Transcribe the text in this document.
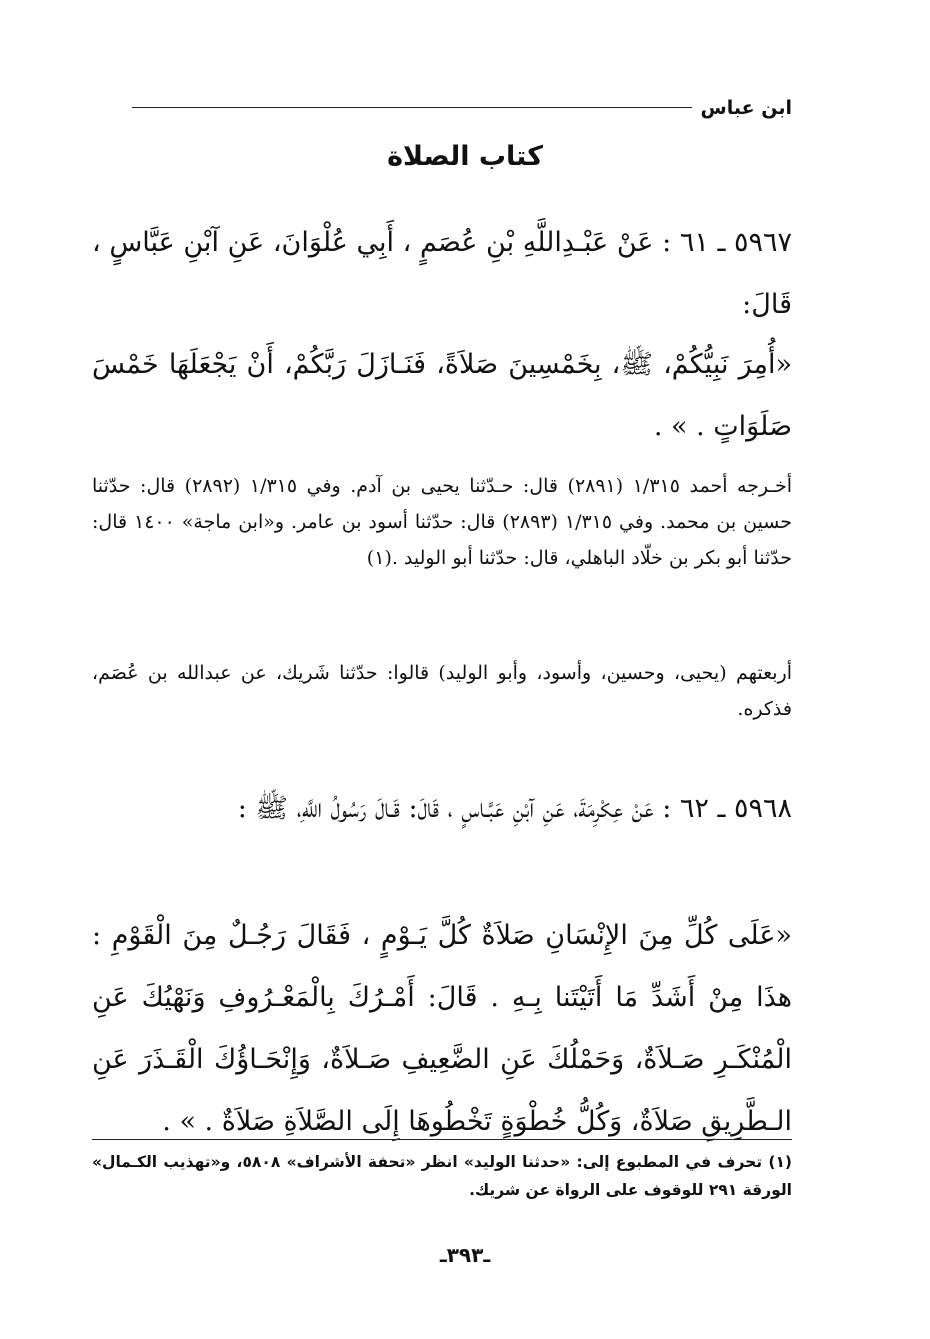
ابن عباس
كتاب الصلاة
٥٩٦٧ ـ ٦١ : عَنْ عَبْـدِاللَّهِ بْنِ عُصَمٍ ، أَبِي عُلْوَانَ، عَنِ آبْنِ عَبَّاسٍ ، قَالَ:
«أُمِرَ نَبِيُّكُمْ، ﷺ، بِخَمْسِينَ صَلاَةً، فَنَـازَلَ رَبَّكُمْ، أَنْ يَجْعَلَهَا خَمْسَ صَلَوَاتٍ . » .
أخـرجه أحمد ١/٣١٥ (٢٨٩١) قال: حـدّثنا يحيى بن آدم. وفي ١/٣١٥ (٢٨٩٢) قال: حدّثنا حسين بن محمد. وفي ١/٣١٥ (٢٨٩٣) قال: حدّثنا أسود بن عامر. و«ابن ماجة» ١٤٠٠ قال: حدّثنا أبو بكر بن خلّاد الباهلي، قال: حدّثنا أبو الوليد .(١)
أربعتهم (يحيى، وحسين، وأسود، وأبو الوليد) قالوا: حدّثنا شَريك، عن عبدالله بن عُصَم، فذكره.
٥٩٦٨ ـ ٦٢ : عَنْ عِكْرِمَةَ، عَنِ آبْنِ عَبَّـاسٍ ، قَالَ: قَـالَ رَسُولُ اللَّهِ، ﷺ :
«عَلَى كُلِّ مِنَ الإِنْسَانِ صَلاَةٌ كُلَّ يَـوْمٍ ، فَقَالَ رَجُـلٌ مِنَ الْقَوْمِ : هذَا مِنْ أَشَدِّ مَا أَتَيْتَنا بِـهِ . قَالَ: أَمْـرُكَ بِالْمَعْـرُوفِ وَنَهْيُكَ عَنِ الْمُنْكَـرِ صَـلاَةٌ، وَحَمْلُكَ عَنِ الضَّعِيفِ صَـلاَةٌ، وَإِنْحَـاؤُكَ الْقَـذَرَ عَنِ الـطَّرِيقِ صَلاَةٌ، وَكُلُّ خُطْوَةٍ تَخْطُوهَا إِلَى الصَّلاَةِ صَلاَةٌ . » .
(١) تحرف في المطبوع إلى: «حدثنا الوليد» انظر «تحفة الأشراف» ٥٨٠٨، و«تهذيب الكـمال» الورقة ٢٩١ للوقوف على الرواة عن شريك.
ـ٣٩٣ـ
